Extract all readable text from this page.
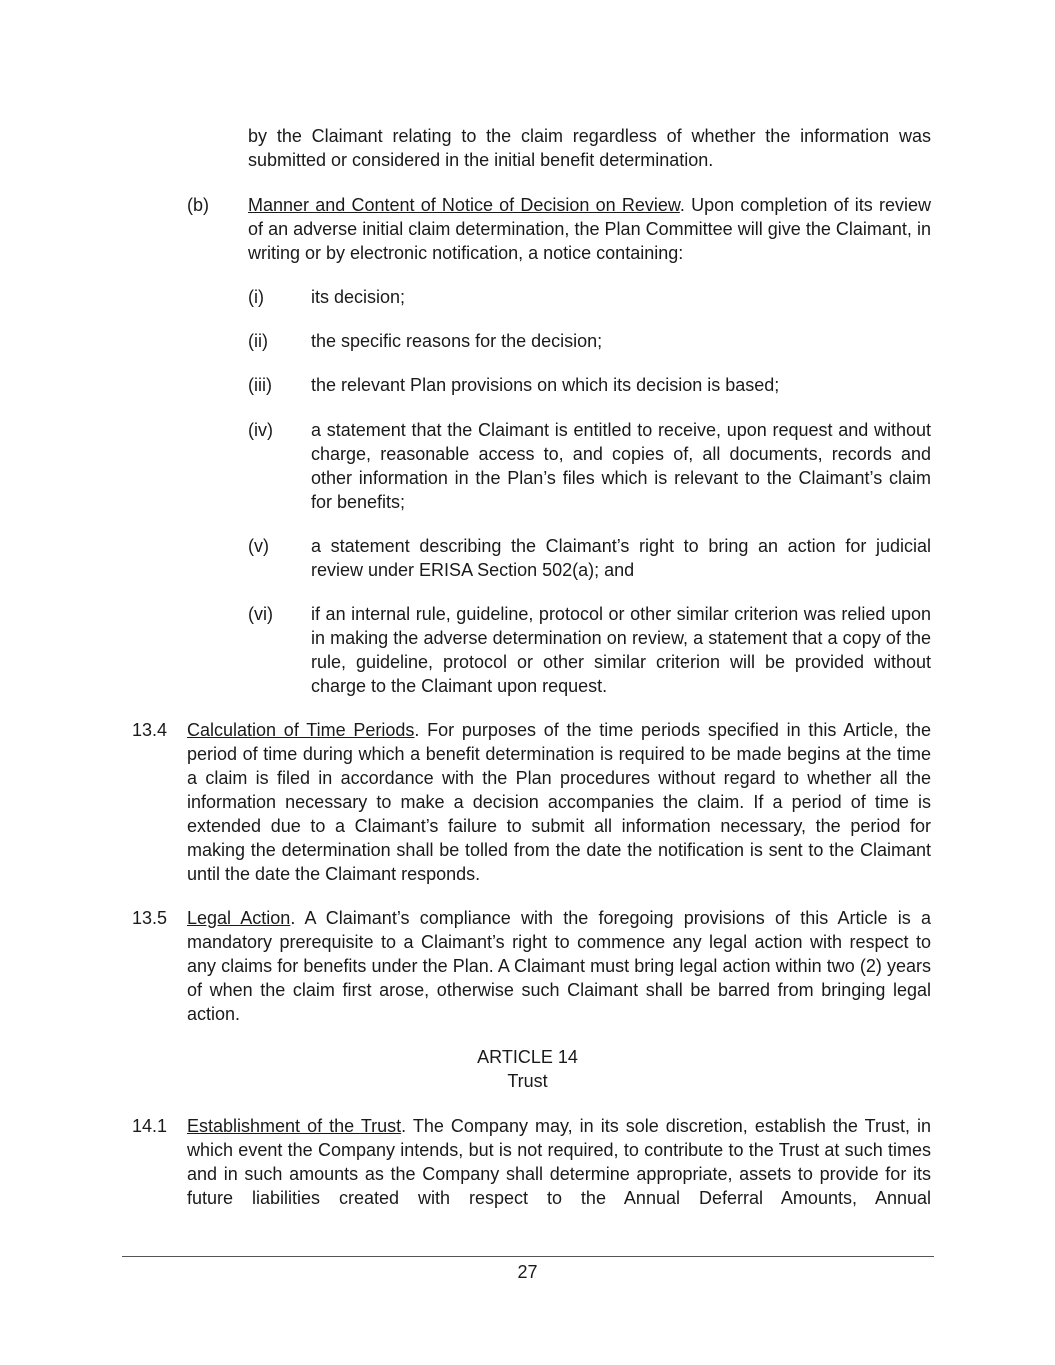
by the Claimant relating to the claim regardless of whether the information was submitted or considered in the initial benefit determination.

(b) Manner and Content of Notice of Decision on Review. Upon completion of its review of an adverse initial claim determination, the Plan Committee will give the Claimant, in writing or by electronic notification, a notice containing:

(i)	its decision;

(ii) the specific reasons for the decision;

(iii) the relevant Plan provisions on which its decision is based;

(iv) a statement that the Claimant is entitled to receive, upon request and without charge, reasonable access to, and copies of, all documents, records and other information in the Plan’s files which is relevant to the Claimant’s claim for benefits;

(v) a statement describing the Claimant’s right to bring an action for judicial review under ERISA Section 502(a); and

(vi) if an internal rule, guideline, protocol or other similar criterion was relied upon in making the adverse determination on review, a statement that a copy of the rule, guideline, protocol or other similar criterion will be provided without charge to the Claimant upon request.

13.4 Calculation of Time Periods. For purposes of the time periods specified in this Article, the period of time during which a benefit determination is required to be made begins at the time a claim is filed in accordance with the Plan procedures without regard to whether all the information necessary to make a decision accompanies the claim. If a period of time is extended due to a Claimant’s failure to submit all information necessary, the period for making the determination shall be tolled from the date the notification is sent to the Claimant until the date the Claimant responds.

13.5 Legal Action. A Claimant’s compliance with the foregoing provisions of this Article is a mandatory prerequisite to a Claimant’s right to commence any legal action with respect to any claims for benefits under the Plan. A Claimant must bring legal action within two (2) years of when the claim first arose, otherwise such Claimant shall be barred from bringing legal action.

ARTICLE 14

Trust

14.1 Establishment of the Trust. The Company may, in its sole discretion, establish the Trust, in which event the Company intends, but is not required, to contribute to the Trust at such times and in such amounts as the Company shall determine appropriate, assets to provide for its future liabilities created with respect to the Annual Deferral Amounts, Annual

27
